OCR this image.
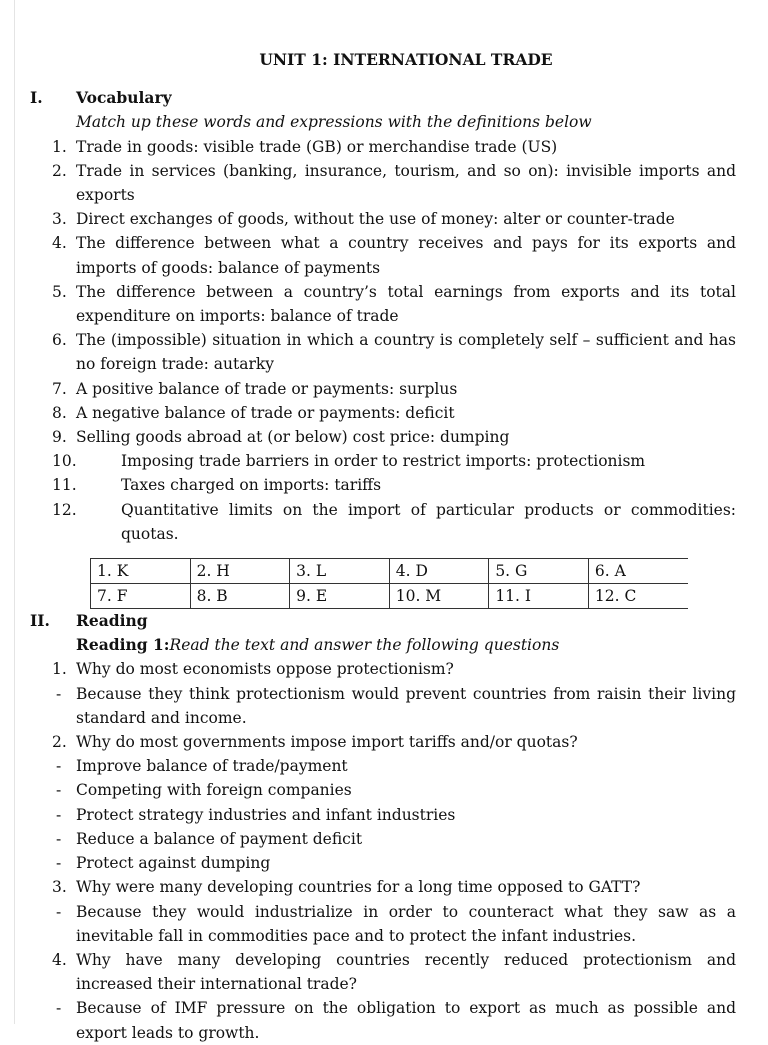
UNIT 1: INTERNATIONAL TRADE
I. Vocabulary
Match up these words and expressions with the definitions below
1. Trade in goods: visible trade (GB) or merchandise trade (US)
2. Trade in services (banking, insurance, tourism, and so on): invisible imports and exports
3. Direct exchanges of goods, without the use of money: alter or counter-trade
4. The difference between what a country receives and pays for its exports and imports of goods: balance of payments
5. The difference between a country’s total earnings from exports and its total expenditure on imports: balance of trade
6. The (impossible) situation in which a country is completely self – sufficient and has no foreign trade: autarky
7. A positive balance of trade or payments: surplus
8. A negative balance of trade or payments: deficit
9. Selling goods abroad at (or below) cost price: dumping
10.	Imposing trade barriers in order to restrict imports: protectionism
11.	Taxes charged on imports: tariffs
12.	Quantitative limits on the import of particular products or commodities: quotas.
1. K	2. H	3. L	4. D	5. G	6. A
7. F	8. B	9. E	10. M	11. I	12. C
II. Reading
Reading 1:Read the text and answer the following questions
1. Why do most economists oppose protectionism?
- Because they think protectionism would prevent countries from raisin their living standard and income.
2. Why do most governments impose import tariffs and/or quotas?
- Improve balance of trade/payment
- Competing with foreign companies
- Protect strategy industries and infant industries
- Reduce a balance of payment deficit
- Protect against dumping
3. Why were many developing countries for a long time opposed to GATT?
- Because they would industrialize in order to counteract what they saw as a inevitable fall in commodities pace and to protect the infant industries.
4. Why have many developing countries recently reduced protectionism and increased their international trade?
- Because of IMF pressure on the obligation to export as much as possible and export leads to growth.
